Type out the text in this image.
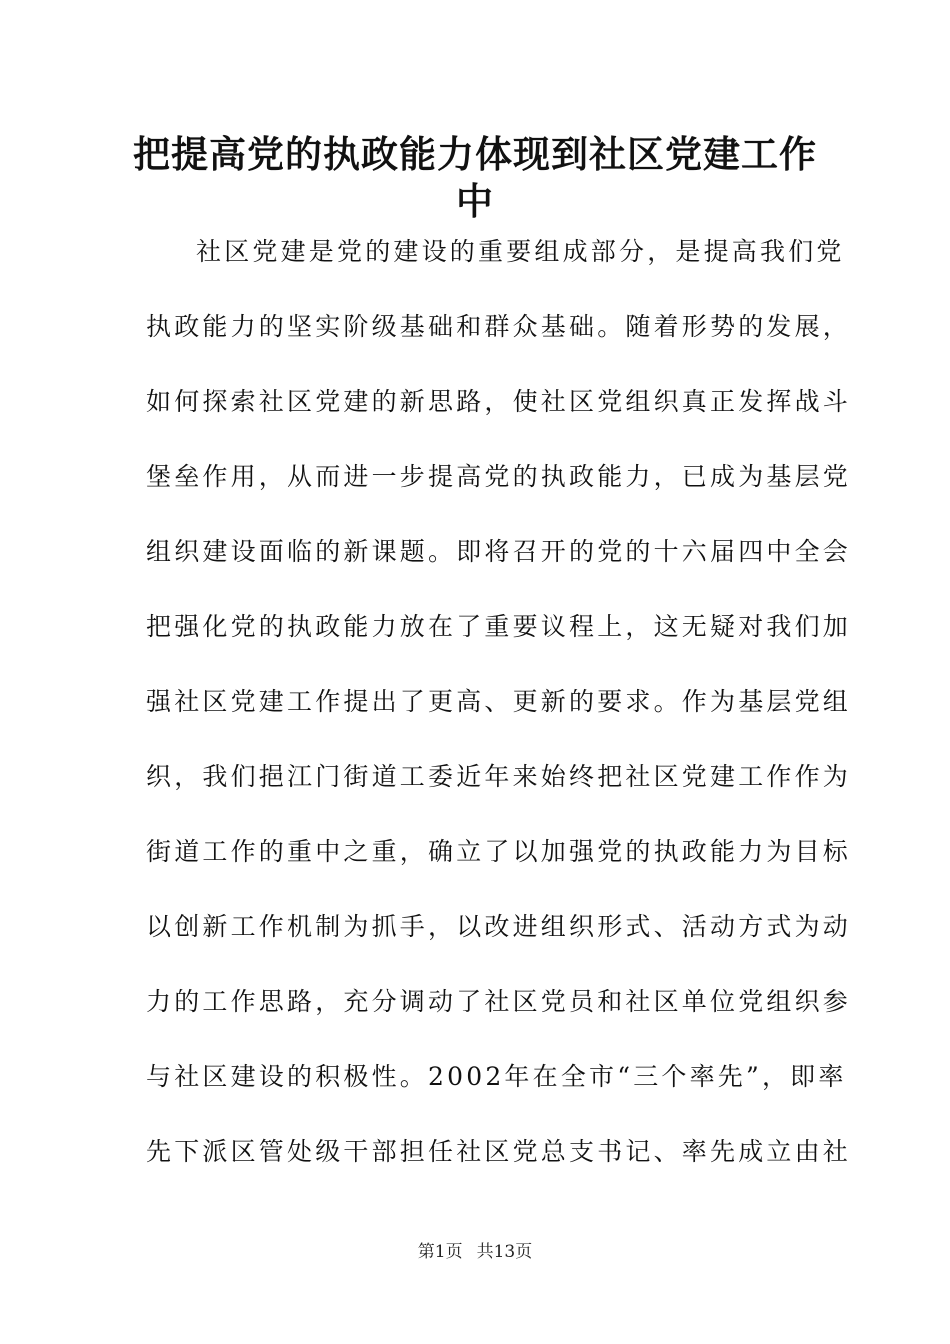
把提高党的执政能力体现到社区党建工作
中
社区党建是党的建设的重要组成部分，是提高我们党
执政能力的坚实阶级基础和群众基础。随着形势的发展，
如何探索社区党建的新思路，使社区党组织真正发挥战斗
堡垒作用，从而进一步提高党的执政能力，已成为基层党
组织建设面临的新课题。即将召开的党的十六届四中全会
把强化党的执政能力放在了重要议程上，这无疑对我们加
强社区党建工作提出了更高、更新的要求。作为基层党组
织，我们挹江门街道工委近年来始终把社区党建工作作为
街道工作的重中之重，确立了以加强党的执政能力为目标
以创新工作机制为抓手，以改进组织形式、活动方式为动
力的工作思路，充分调动了社区党员和社区单位党组织参
与社区建设的积极性。2002年在全市“三个率先”，即率
先下派区管处级干部担任社区党总支书记、率先成立由社
第1页 共13页
